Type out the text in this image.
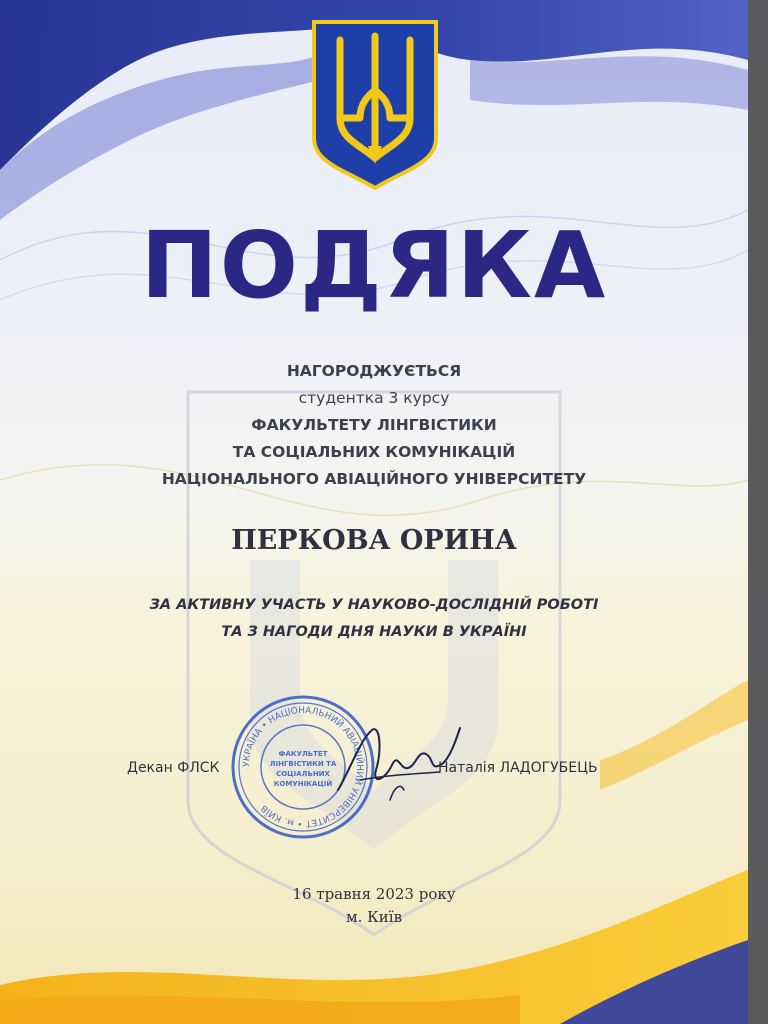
ПОДЯКА
НАГОРОДЖУЄТЬСЯ
студентка 3 курсу
ФАКУЛЬТЕТУ ЛІНГВІСТИКИ
ТА СОЦІАЛЬНИХ КОМУНІКАЦІЙ
НАЦІОНАЛЬНОГО АВІАЦІЙНОГО УНІВЕРСИТЕТУ
ПЕРКОВА ОРИНА
ЗА АКТИВНУ УЧАСТЬ У НАУКОВО-ДОСЛІДНІЙ РОБОТІ
ТА З НАГОДИ ДНЯ НАУКИ В УКРАЇНІ
УКРАЇНА • НАЦІОНАЛЬНИЙ АВІАЦІЙНИЙ УНІВЕРСИТЕТ • м. КИЇВ
ФАКУЛЬТЕТ
ЛІНГВІСТИКИ ТА
СОЦІАЛЬНИХ
КОМУНІКАЦІЙ
Декан ФЛСК	Наталія ЛАДОГУБЕЦЬ
16 травня 2023 року
м. Київ
